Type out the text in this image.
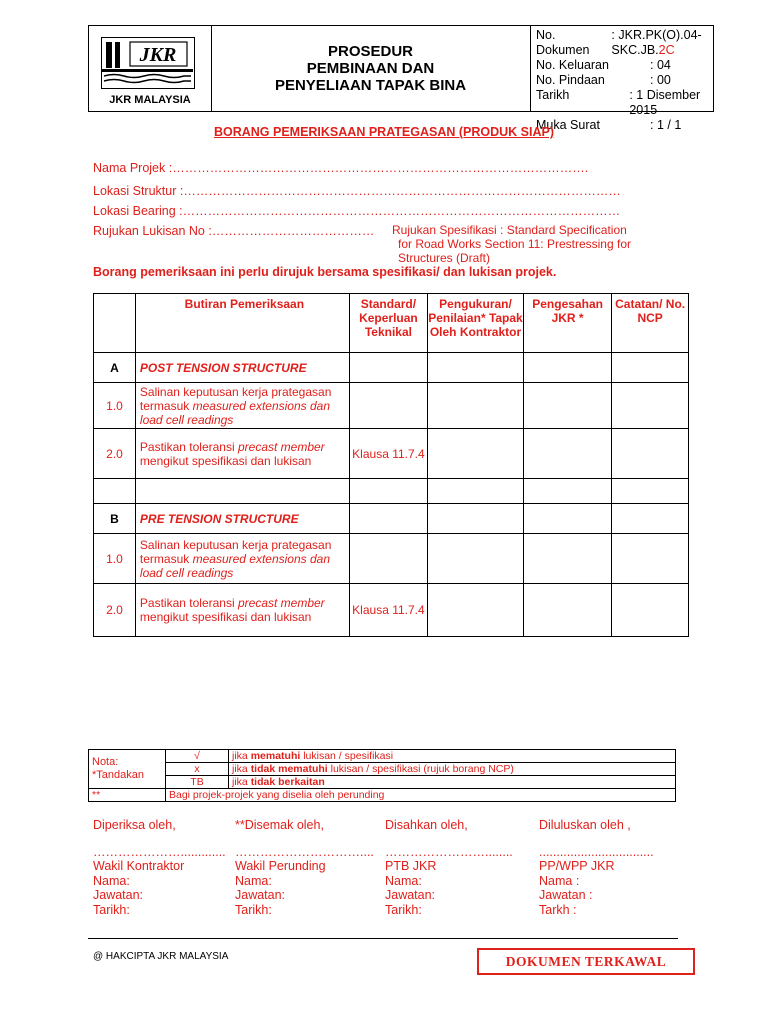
JKR
JKR MALAYSIA
PROSEDUR
PEMBINAAN DAN
PENYELIAAN TAPAK BINA
No. Dokumen
: JKR.PK(O).04-SKC.JB.2C
No. Keluaran	: 04
No. Pindaan	: 00
Tarikh	: 1 Disember 2015
Muka Surat	: 1 / 1
BORANG PEMERIKSAAN PRATEGASAN (PRODUK SIAP)
Nama Projek :……………………………………………………………………………………….
Lokasi Struktur :……………………………………………………………………………………………
Lokasi Bearing :……………………………………………………………………………………………
Rujukan Lukisan No :………………………………… Rujukan Spesifikasi : Standard Specification
for Road Works Section 11: Prestressing for
Structures (Draft)
Borang pemeriksaan ini perlu dirujuk bersama spesifikasi/ dan lukisan projek.
	Butiran Pemeriksaan	Standard/ Keperluan Teknikal	Pengukuran/ Penilaian* Tapak Oleh Kontraktor	Pengesahan JKR *	Catatan/ No. NCP
A	POST TENSION STRUCTURE				
1.0	Salinan keputusan kerja prategasan termasuk measured extensions dan load cell readings				
2.0	Pastikan toleransi precast member mengikut spesifikasi dan lukisan	Klausa 11.7.4			

B	PRE TENSION STRUCTURE				
1.0	Salinan keputusan kerja prategasan termasuk measured extensions dan load cell readings				
2.0	Pastikan toleransi precast member mengikut spesifikasi dan lukisan	Klausa 11.7.4			
Nota:
*Tandakan	√	jika mematuhi lukisan / spesifikasi
	x	jika tidak mematuhi lukisan / spesifikasi (rujuk borang NCP)
	TB	jika tidak berkaitan
**	Bagi projek-projek yang diselia oleh perunding	
Diperiksa oleh,
………………….............
Wakil Kontraktor
Nama:
Jawatan:
Tarikh:
**Disemak oleh,
…………………………....
Wakil Perunding
Nama:
Jawatan:
Tarikh:
Disahkan oleh,
……………………........
PTB JKR
Nama:
Jawatan:
Tarikh:
Diluluskan oleh ,
.................................
PP/WPP JKR
Nama :
Jawatan :
Tarkh :
@ HAKCIPTA JKR MALAYSIA	DOKUMEN TERKAWAL
